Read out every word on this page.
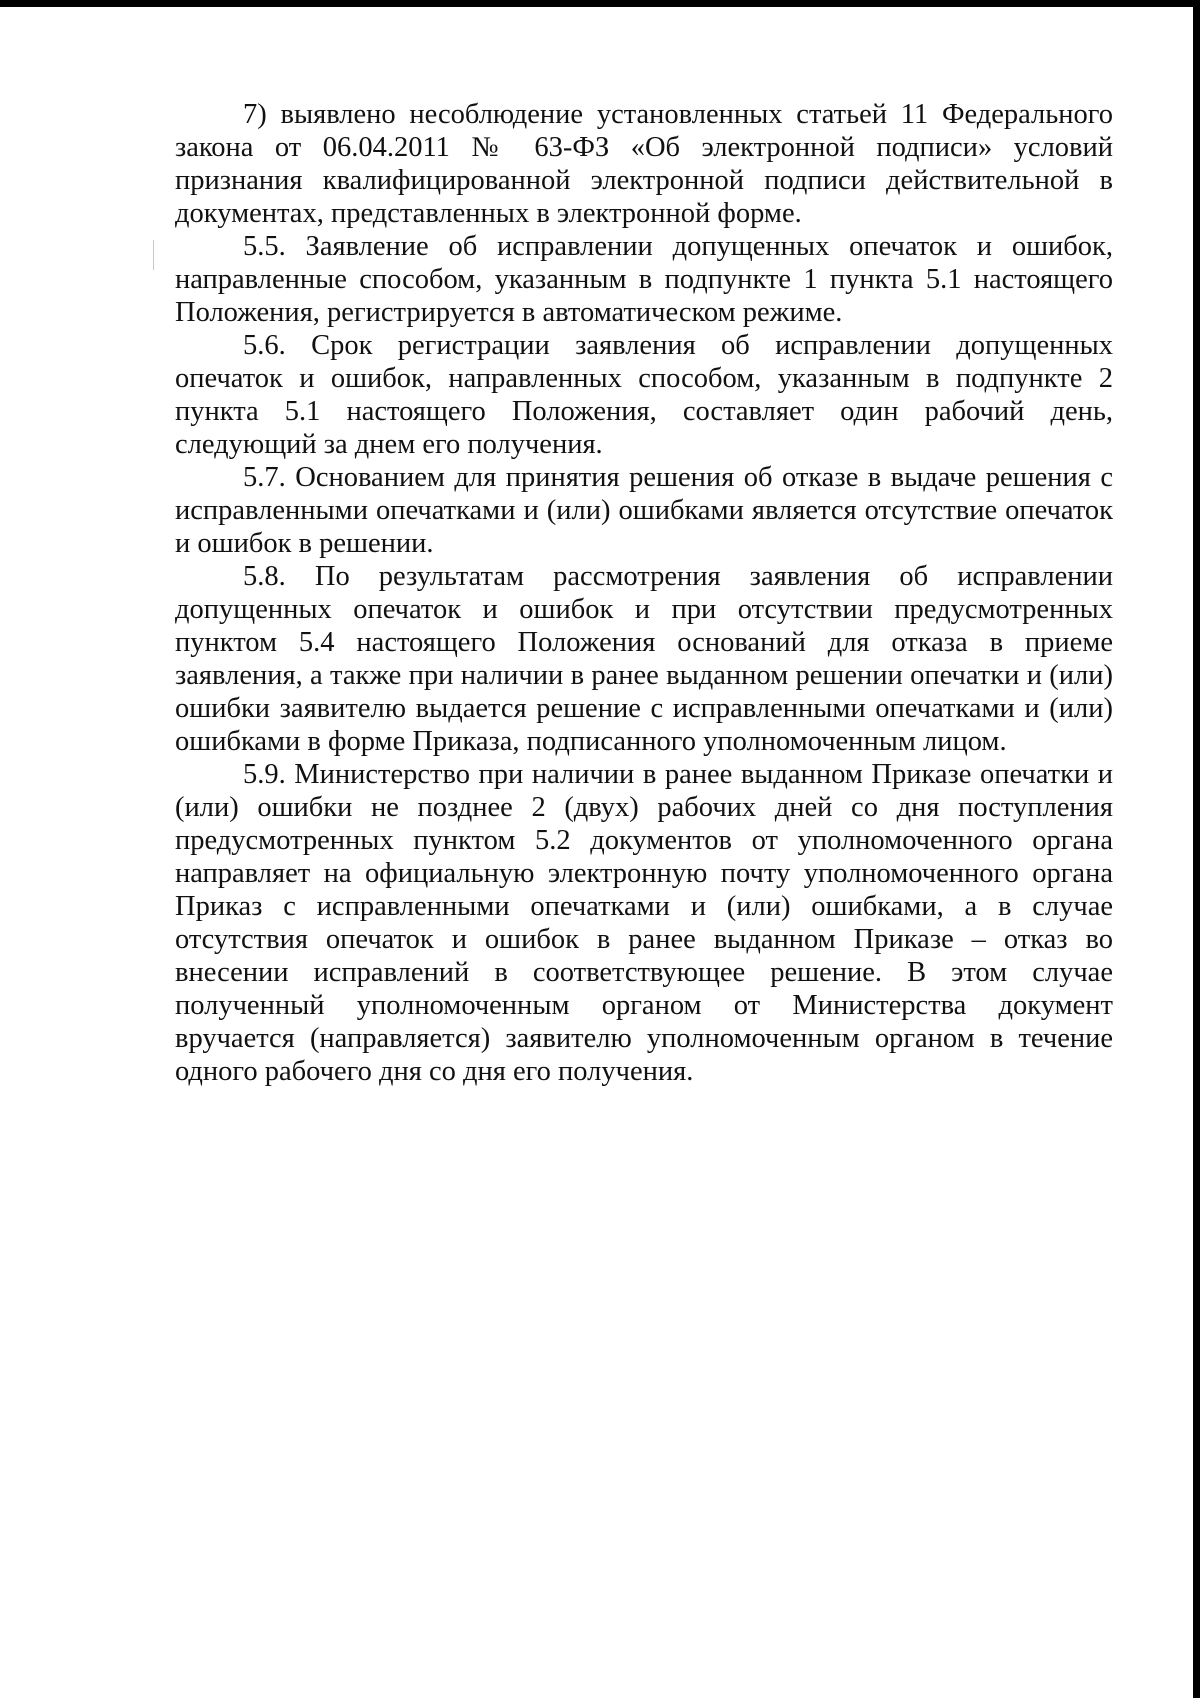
7) выявлено несоблюдение установленных статьей 11 Федерального закона от 06.04.2011 № 63-ФЗ «Об электронной подписи» условий признания квалифицированной электронной подписи действительной в документах, представленных в электронной форме.

5.5. Заявление об исправлении допущенных опечаток и ошибок, направленные способом, указанным в подпункте 1 пункта 5.1 настоящего Положения, регистрируется в автоматическом режиме.

5.6. Срок регистрации заявления об исправлении допущенных опечаток и ошибок, направленных способом, указанным в подпункте 2 пункта 5.1 настоящего Положения, составляет один рабочий день, следующий за днем его получения.

5.7. Основанием для принятия решения об отказе в выдаче решения с исправленными опечатками и (или) ошибками является отсутствие опечаток и ошибок в решении.

5.8. По результатам рассмотрения заявления об исправлении допущенных опечаток и ошибок и при отсутствии предусмотренных пунктом 5.4 настоящего Положения оснований для отказа в приеме заявления, а также при наличии в ранее выданном решении опечатки и (или) ошибки заявителю выдается решение с исправленными опечатками и (или) ошибками в форме Приказа, подписанного уполномоченным лицом.

5.9. Министерство при наличии в ранее выданном Приказе опечатки и (или) ошибки не позднее 2 (двух) рабочих дней со дня поступления предусмотренных пунктом 5.2 документов от уполномоченного органа направляет на официальную электронную почту уполномоченного органа Приказ с исправленными опечатками и (или) ошибками, а в случае отсутствия опечаток и ошибок в ранее выданном Приказе – отказ во внесении исправлений в соответствующее решение. В этом случае полученный уполномоченным органом от Министерства документ вручается (направляется) заявителю уполномоченным органом в течение одного рабочего дня со дня его получения.
